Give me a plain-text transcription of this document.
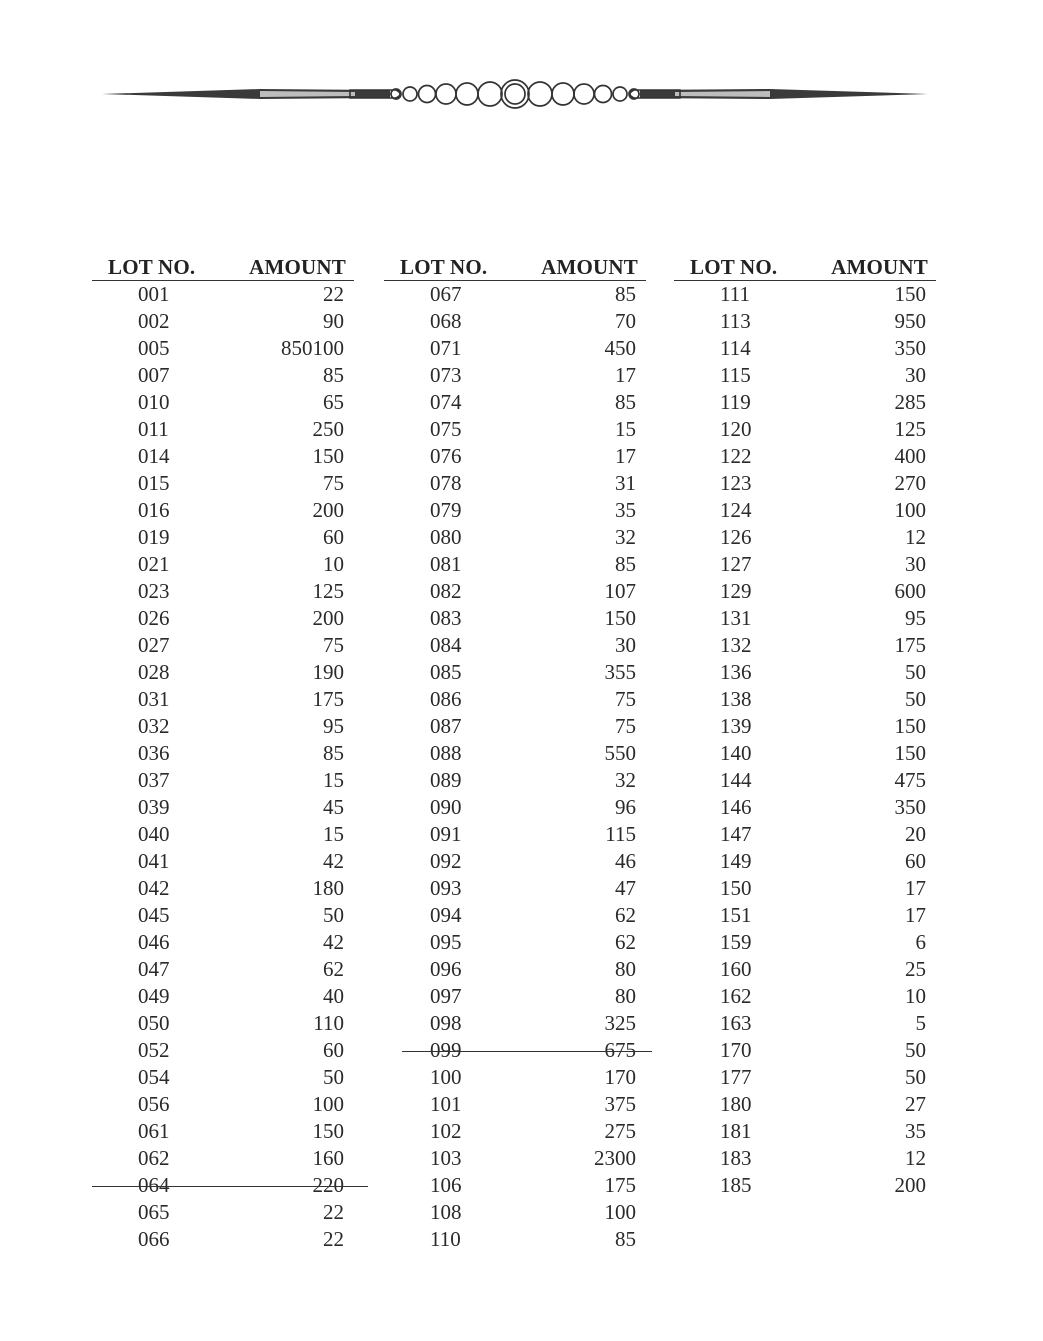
LOT NO.	AMOUNT
001	22
002	90
005	850100
007	85
010	65
011	250
014	150
015	75
016	200
019	60
021	10
023	125
026	200
027	75
028	190
031	175
032	95
036	85
037	15
039	45
040	15
041	42
042	180
045	50
046	42
047	62
049	40
050	110
052	60
054	50
056	100
061	150
062	160
064	220
065	22
066	22
LOT NO.	AMOUNT
067	85
068	70
071	450
073	17
074	85
075	15
076	17
078	31
079	35
080	32
081	85
082	107
083	150
084	30
085	355
086	75
087	75
088	550
089	32
090	96
091	115
092	46
093	47
094	62
095	62
096	80
097	80
098	325
099	675
100	170
101	375
102	275
103	2300
106	175
108	100
110	85
LOT NO.	AMOUNT
111	150
113	950
114	350
115	30
119	285
120	125
122	400
123	270
124	100
126	12
127	30
129	600
131	95
132	175
136	50
138	50
139	150
140	150
144	475
146	350
147	20
149	60
150	17
151	17
159	6
160	25
162	10
163	5
170	50
177	50
180	27
181	35
183	12
185	200
